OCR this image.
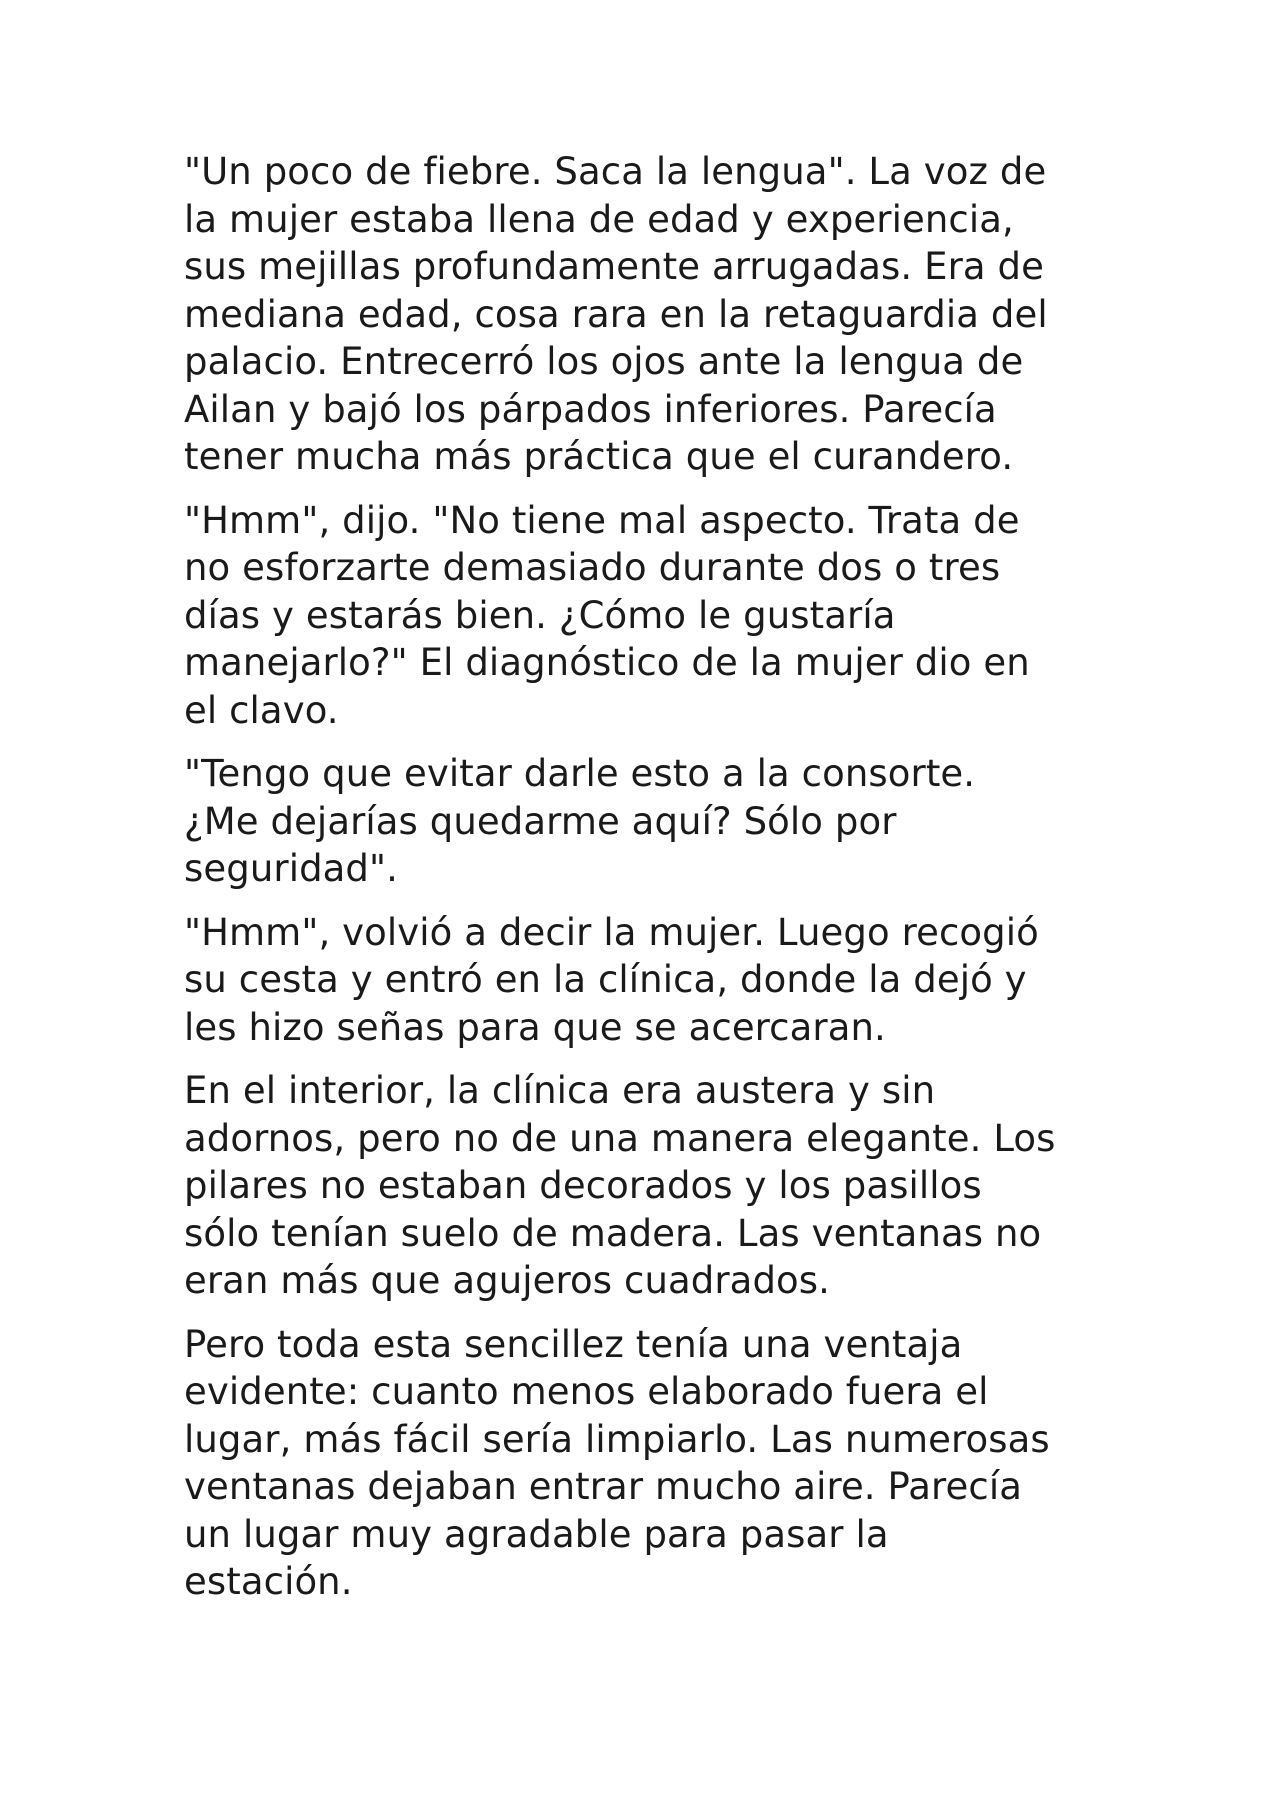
"Un poco de fiebre. Saca la lengua". La voz de
la mujer estaba llena de edad y experiencia,
sus mejillas profundamente arrugadas. Era de
mediana edad, cosa rara en la retaguardia del
palacio. Entrecerró los ojos ante la lengua de
Ailan y bajó los párpados inferiores. Parecía
tener mucha más práctica que el curandero.

"Hmm", dijo. "No tiene mal aspecto. Trata de
no esforzarte demasiado durante dos o tres
días y estarás bien. ¿Cómo le gustaría
manejarlo?" El diagnóstico de la mujer dio en
el clavo.

"Tengo que evitar darle esto a la consorte.
¿Me dejarías quedarme aquí? Sólo por
seguridad".

"Hmm", volvió a decir la mujer. Luego recogió
su cesta y entró en la clínica, donde la dejó y
les hizo señas para que se acercaran.

En el interior, la clínica era austera y sin
adornos, pero no de una manera elegante. Los
pilares no estaban decorados y los pasillos
sólo tenían suelo de madera. Las ventanas no
eran más que agujeros cuadrados.

Pero toda esta sencillez tenía una ventaja
evidente: cuanto menos elaborado fuera el
lugar, más fácil sería limpiarlo. Las numerosas
ventanas dejaban entrar mucho aire. Parecía
un lugar muy agradable para pasar la
estación.
